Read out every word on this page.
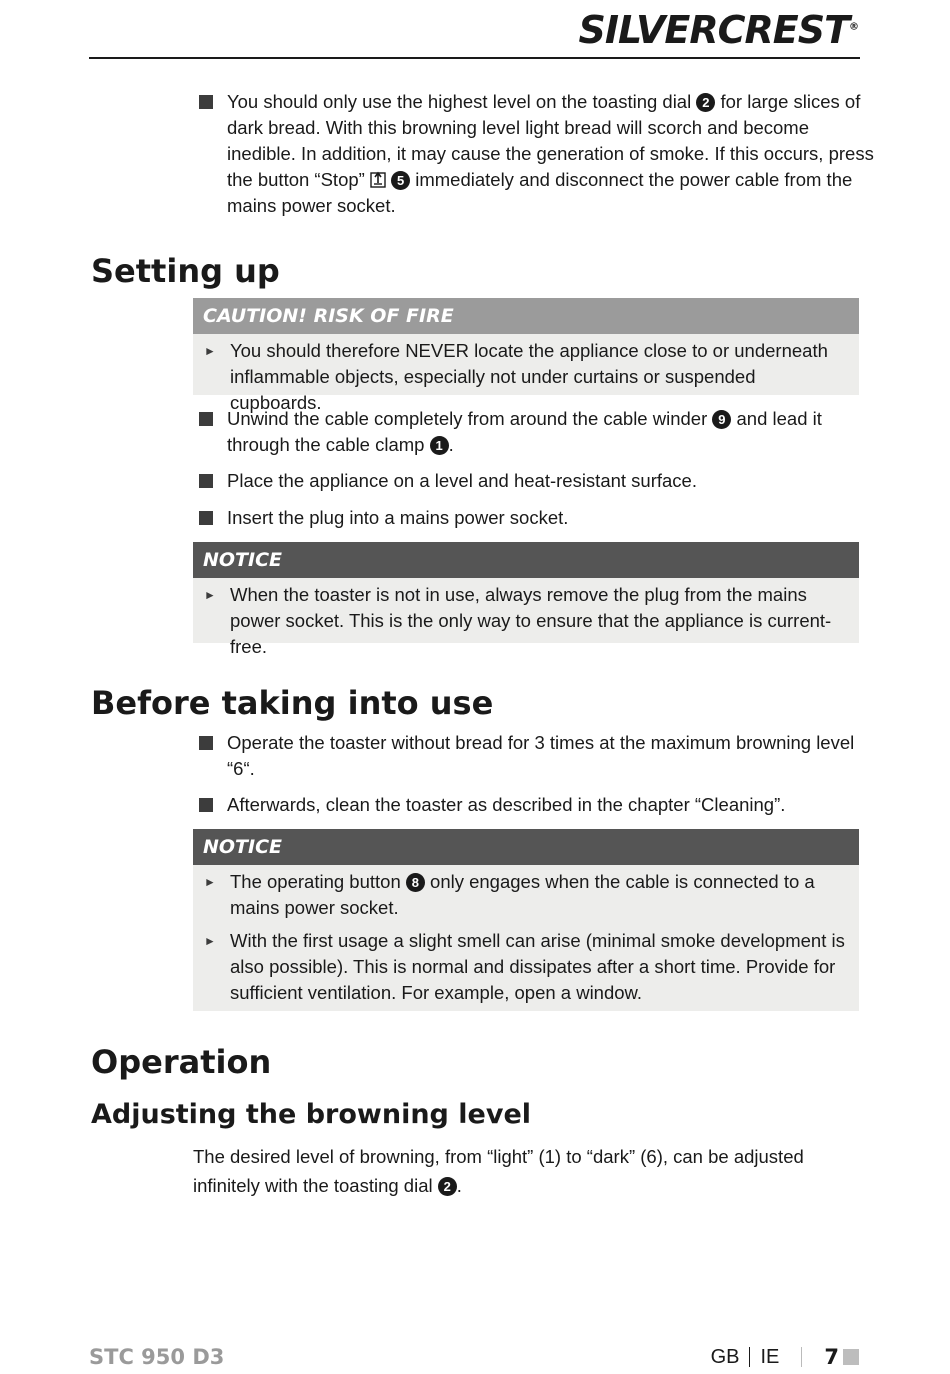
SILVERCREST®
You should only use the highest level on the toasting dial 2 for large slices of dark bread. With this browning level light bread will scorch and become inedible. In addition, it may cause the generation of smoke. If this occurs, press the button “Stop”  5 immediately and disconnect the power cable from the mains power socket.
Setting up
CAUTION! RISK OF FIRE
► You should therefore NEVER locate the appliance close to or underneath inflammable objects, especially not under curtains or suspended cupboards.
Unwind the cable completely from around the cable winder 9 and lead it through the cable clamp 1 .
Place the appliance on a level and heat-resistant surface.
Insert the plug into a mains power socket.
NOTICE
► When the toaster is not in use, always remove the plug from the mains power socket. This is the only way to ensure that the appliance is current-free.
Before taking into use
Operate the toaster without bread for 3 times at the maximum browning level “6“.
Afterwards, clean the toaster as described in the chapter “Cleaning”.
NOTICE
► The operating button 8 only engages when the cable is connected to a mains power socket.
► With the first usage a slight smell can arise (minimal smoke development is also possible). This is normal and dissipates after a short time. Provide for sufficient ventilation. For example, open a window.
Operation
Adjusting the browning level
The desired level of browning, from “light” (1) to “dark” (6), can be adjusted infinitely with the toasting dial 2 .
STC 950 D3	GB IE 7
